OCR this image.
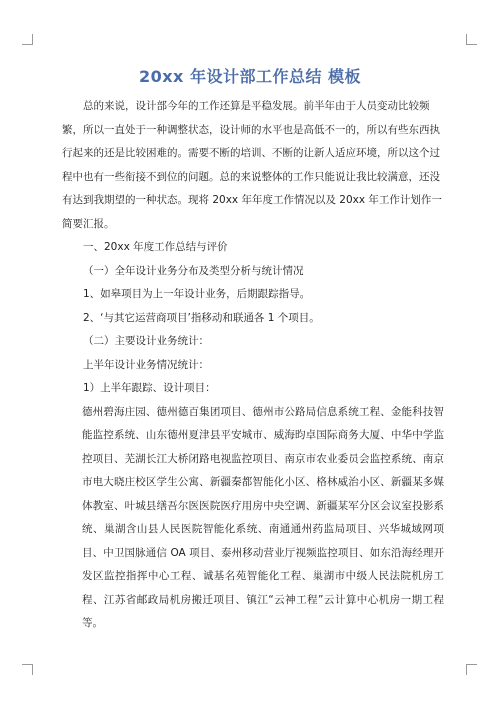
20xx 年设计部工作总结 模板

总的来说，设计部今年的工作还算是平稳发展。前半年由于人员变动比较频繁，所以一直处于一种调整状态，设计师的水平也是高低不一的，所以有些东西执行起来的还是比较困难的。需要不断的培训、不断的让新人适应环境，所以这个过程中也有一些衔接不到位的问题。总的来说整体的工作只能说让我比较满意，还没有达到我期望的一种状态。现将 20xx 年年度工作情况以及 20xx 年工作计划作一简要汇报。

一、20xx 年度工作总结与评价

（一）全年设计业务分布及类型分析与统计情况

1、如皋项目为上一年设计业务，后期跟踪指导。

2、‘与其它运营商项目’指移动和联通各 1 个项目。

（二）主要设计业务统计：

上半年设计业务情况统计：

1）上半年跟踪、设计项目：

德州碧海庄园、德州德百集团项目、德州市公路局信息系统工程、金能科技智能监控系统、山东德州夏津县平安城市、威海昀卓国际商务大厦、中华中学监控项目、芜湖长江大桥闭路电视监控项目、南京市农业委员会监控系统、南京市电大晓庄校区学生公寓、新疆秦都智能化小区、格林威治小区、新疆某多媒体教室、叶城县缮吾尔医医院医疗用房中央空调、新疆某军分区会议室投影系统、巢湖含山县人民医院智能化系统、南通通州药监局项目、兴华城域网项目、中卫国脉通信 OA 项目、泰州移动营业厅视频监控项目、如东沿海经理开发区监控指挥中心工程、诚基名苑智能化工程、巢湖市中级人民法院机房工程、江苏省邮政局机房搬迁项目、镇江“云神工程”云计算中心机房一期工程等。
